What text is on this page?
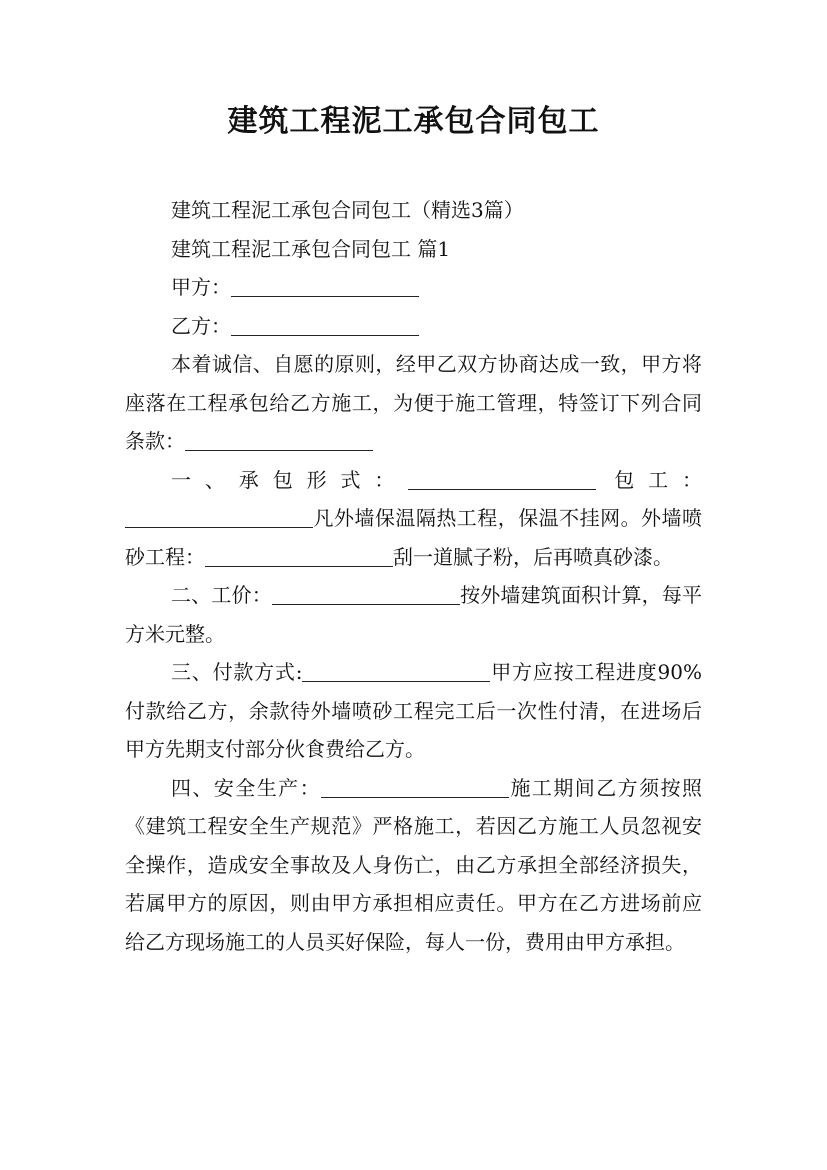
建筑工程泥工承包合同包工

建筑工程泥工承包合同包工（精选3篇）

建筑工程泥工承包合同包工 篇1

甲方：

乙方：

本着诚信、自愿的原则，经甲乙双方协商达成一致，甲方将座落在工程承包给乙方施工，为便于施工管理，特签订下列合同条款：

一、承包形式：	包工：凡外墙保温隔热工程，保温不挂网。外墙喷砂工程：	刮一道腻子粉，后再喷真砂漆。

二、工价：	按外墙建筑面积计算，每平方米元整。

三、付款方式:	甲方应按工程进度90%付款给乙方，余款待外墙喷砂工程完工后一次性付清，在进场后甲方先期支付部分伙食费给乙方。

四、安全生产：	施工期间乙方须按照《建筑工程安全生产规范》严格施工，若因乙方施工人员忽视安全操作，造成安全事故及人身伤亡，由乙方承担全部经济损失，若属甲方的原因，则由甲方承担相应责任。甲方在乙方进场前应给乙方现场施工的人员买好保险，每人一份，费用由甲方承担。
